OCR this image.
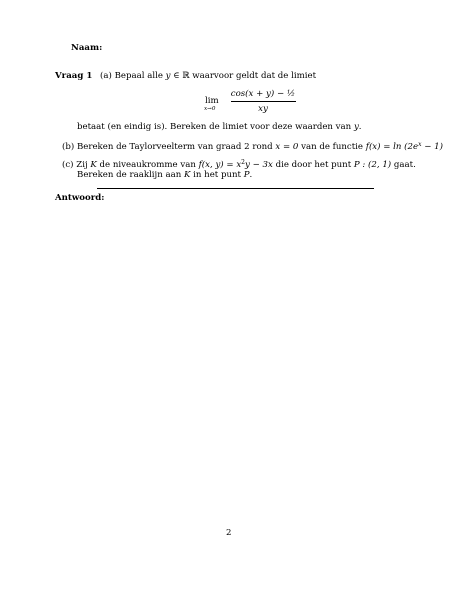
Naam:
Vraag 1 (a) Bepaal alle y ∈ ℝ waarvoor geldt dat de limiet
lim
x→0
cos(x + y) − ½
xy
betaat (en eindig is). Bereken de limiet voor deze waarden van y.
(b) Bereken de Taylorveelterm van graad 2 rond x = 0 van de functie $f(x) = \ln (2e^x - 1)$
(c) Zij K de niveaukromme van f(x, $y) = x^2y - 3x$ die door het punt P : (2, 1) gaat.
Bereken de raaklijn aan K in het punt P.
Antwoord:
2
